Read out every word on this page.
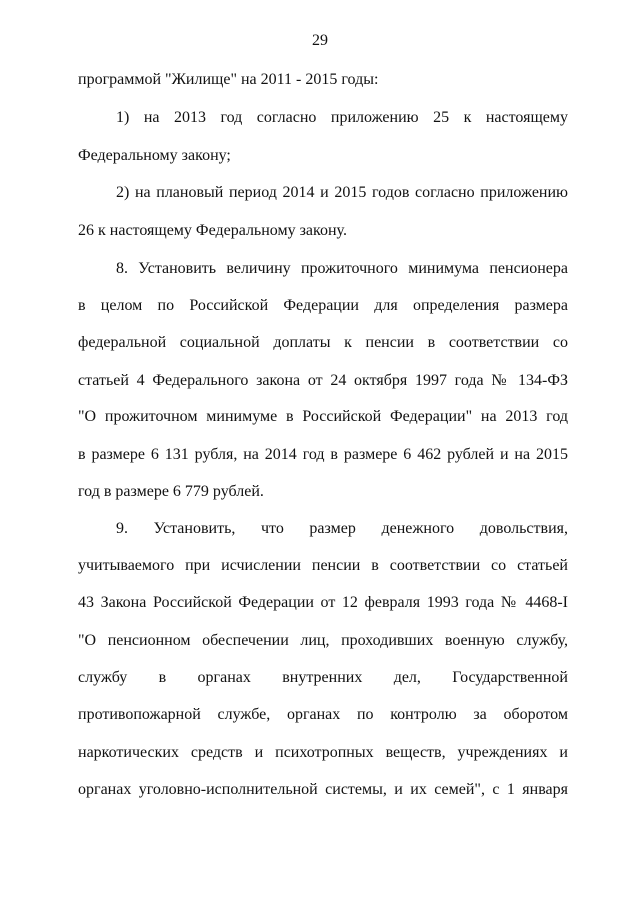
29
программой "Жилище" на 2011 - 2015 годы:
1) на 2013 год согласно приложению 25 к настоящему
Федеральному закону;
2) на плановый период 2014 и 2015 годов согласно приложению
26 к настоящему Федеральному закону.
8. Установить величину прожиточного минимума пенсионера
в целом по Российской Федерации для определения размера
федеральной социальной доплаты к пенсии в соответствии со
статьей 4 Федерального закона от 24 октября 1997 года № 134-ФЗ
"О прожиточном минимуме в Российской Федерации" на 2013 год
в размере 6 131 рубля, на 2014 год в размере 6 462 рублей и на 2015
год в размере 6 779 рублей.
9. Установить, что размер денежного довольствия,
учитываемого при исчислении пенсии в соответствии со статьей
43 Закона Российской Федерации от 12 февраля 1993 года № 4468-I
"О пенсионном обеспечении лиц, проходивших военную службу,
службу в органах внутренних дел, Государственной
противопожарной службе, органах по контролю за оборотом
наркотических средств и психотропных веществ, учреждениях и
органах уголовно-исполнительной системы, и их семей", с 1 января
